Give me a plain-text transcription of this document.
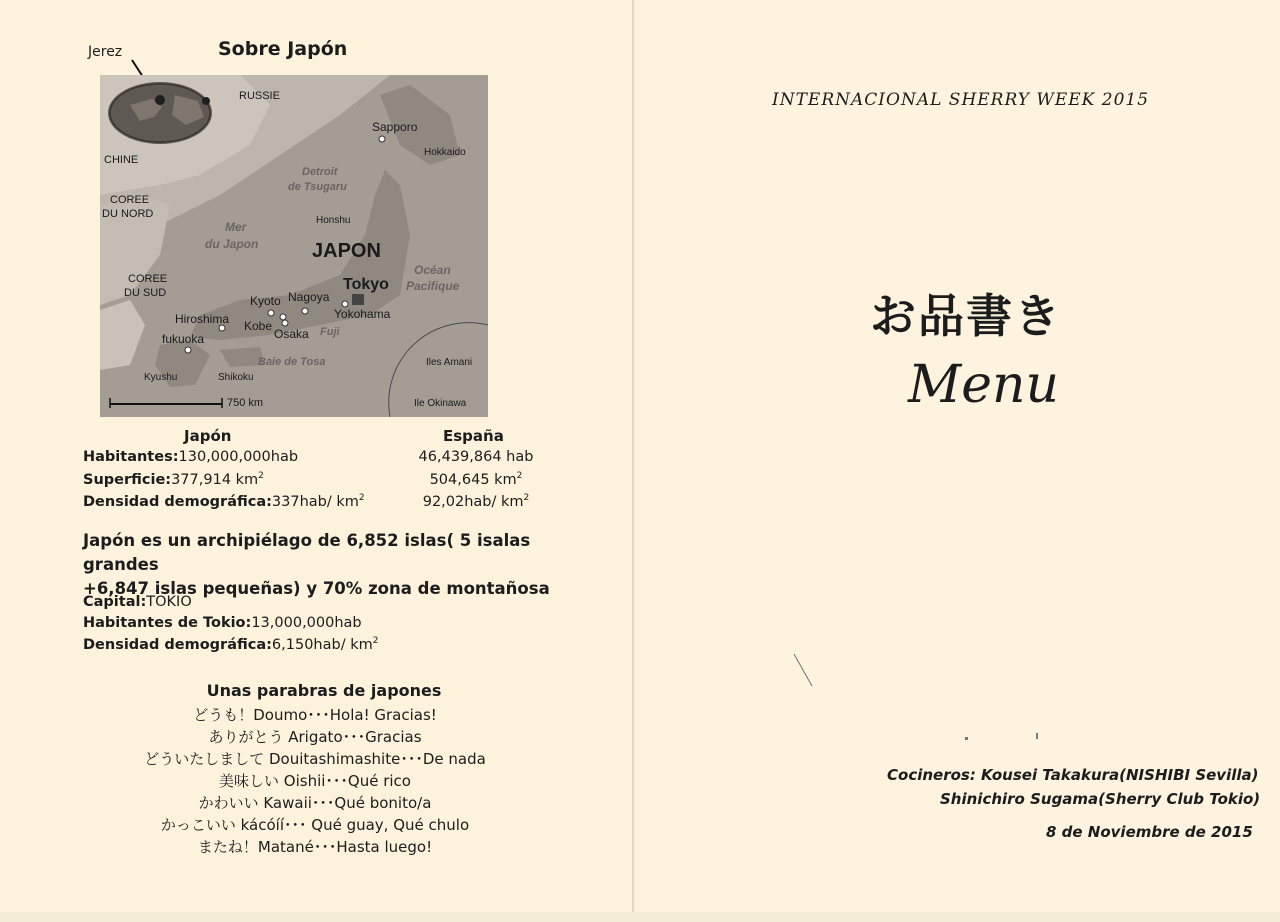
Jerez	Sobre Japón
RUSSIE
CHINE
COREE
DU NORD
COREE
DU SUD
Detroit
de Tsugaru
Mer
du Japon
Sapporo
Hokkaido
Honshu
JAPON
Tokyo
Océan
Pacifique
Kyoto Nagoya
Yokohama
Hiroshima Kobe
Osaka Fuji
fukuoka
Baie de Tosa	Iles Amani
Kyushu	Shikoku
Ile Okinawa
750 km
Japón	España
Habitantes:130,000,000hab	46,439,864 hab
Superficie:377,914 $km^2$	504,645 $km^2$
Densidad demográfica:337hab/ $km^2$	92,02hab/ $km^2$
Japón es un archipiélago de 6,852 islas( 5 isalas grandes
+6,847 islas pequeñas) y 70% zona de montañosa
Capital:TOKIO
Habitantes de Tokio:13,000,000hab
Densidad demográfica:6,150hab/ $km^2$
Unas parabras de japones
どうも！Doumo･･･Hola! Gracias!
ありがとう Arigato･･･Gracias
どういたしまして Douitashimashite･･･De nada
美味しい Oishii･･･Qué rico
かわいい Kawaii･･･Qué bonito/a
かっこいい kácóíí･･･ Qué guay, Qué chulo
またね！Matané･･･Hasta luego!
INTERNACIONAL SHERRY WEEK 2015
お品書き
Menu
Cocineros: Kousei Takakura(NISHIBI Sevilla)
Shinichiro Sugama(Sherry Club Tokio)
8 de Noviembre de 2015
